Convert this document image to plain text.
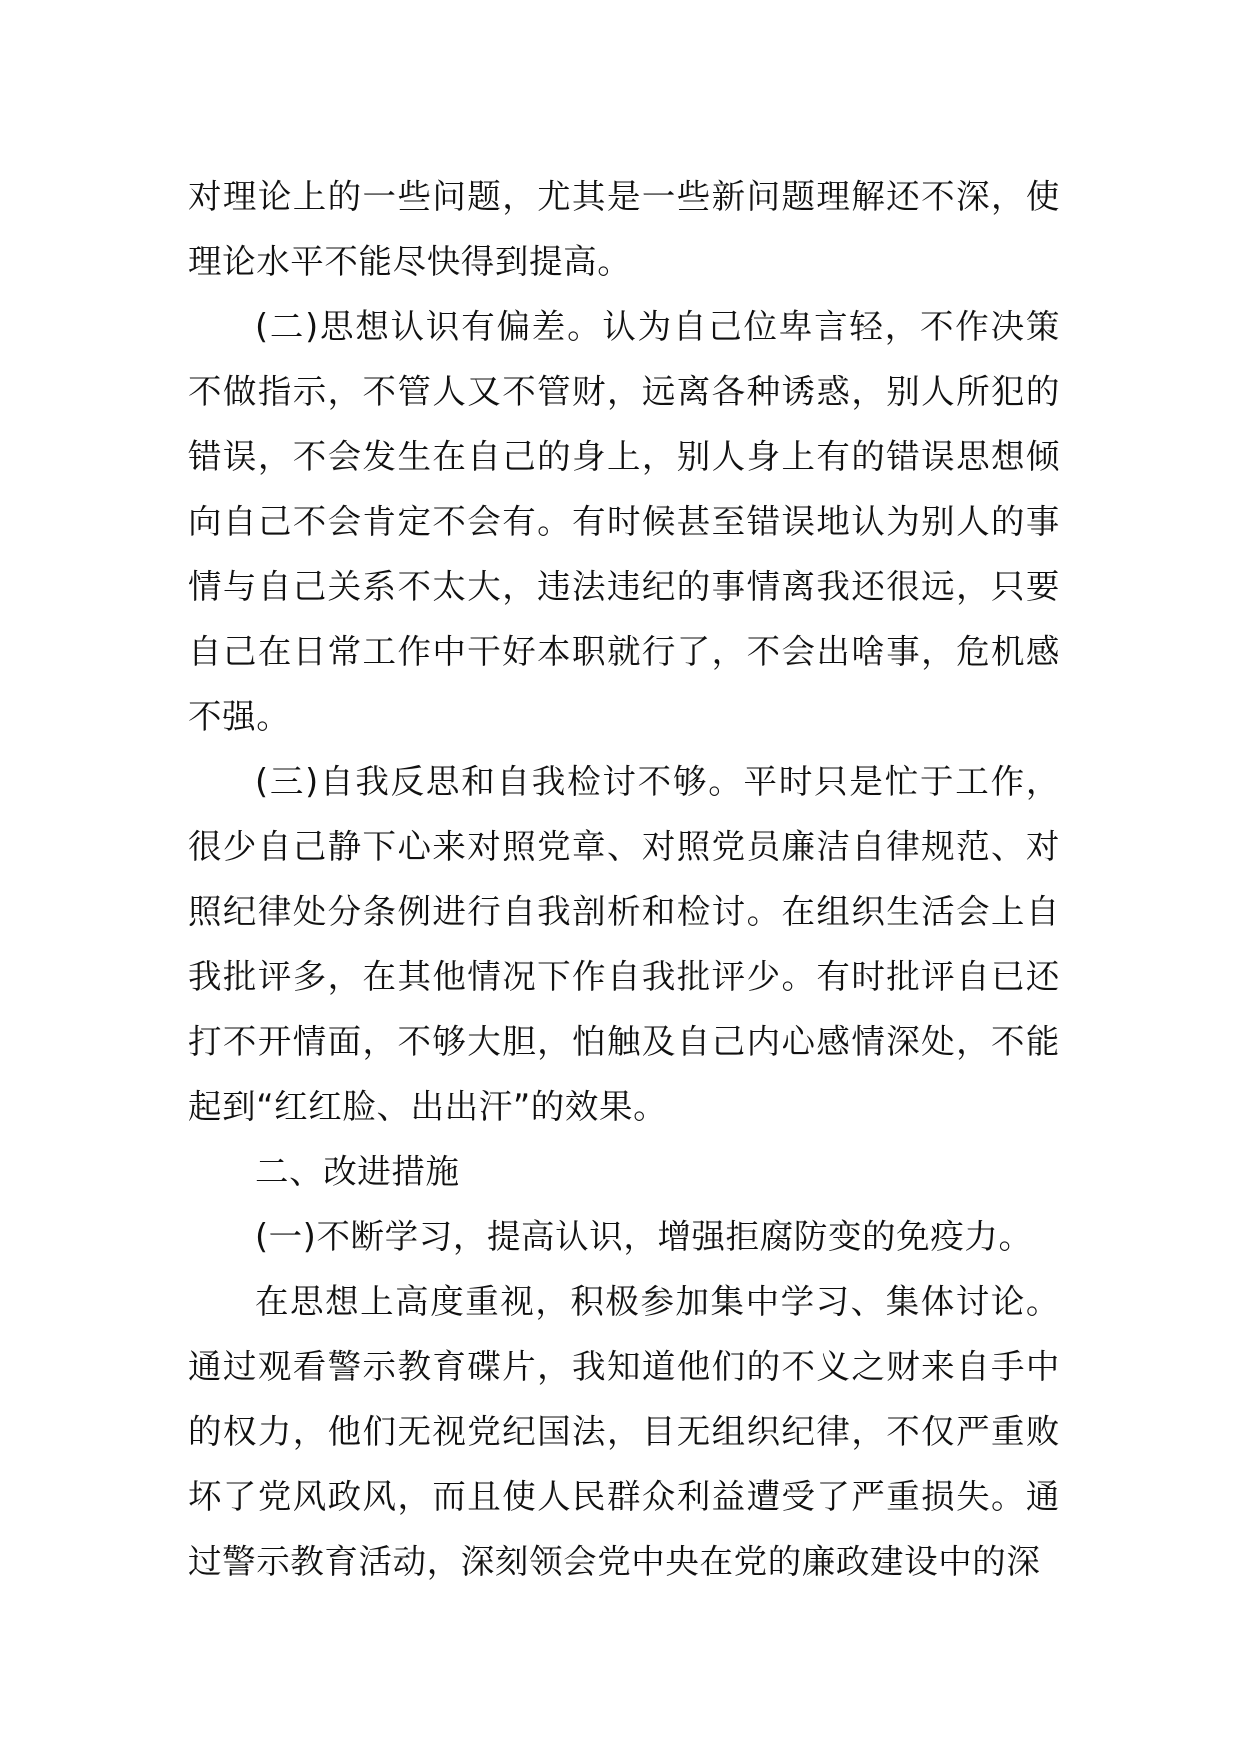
对理论上的一些问题，尤其是一些新问题理解还不深，使理论水平不能尽快得到提高。

(二)思想认识有偏差。认为自己位卑言轻，不作决策不做指示，不管人又不管财，远离各种诱惑，别人所犯的错误，不会发生在自己的身上，别人身上有的错误思想倾向自己不会肯定不会有。有时候甚至错误地认为别人的事情与自己关系不太大，违法违纪的事情离我还很远，只要自己在日常工作中干好本职就行了，不会出啥事，危机感不强。

(三)自我反思和自我检讨不够。平时只是忙于工作，很少自己静下心来对照党章、对照党员廉洁自律规范、对照纪律处分条例进行自我剖析和检讨。在组织生活会上自我批评多，在其他情况下作自我批评少。有时批评自已还打不开情面，不够大胆，怕触及自己内心感情深处，不能起到“红红脸、出出汗”的效果。

二、改进措施

(一)不断学习，提高认识，增强拒腐防变的免疫力。

在思想上高度重视，积极参加集中学习、集体讨论。通过观看警示教育碟片，我知道他们的不义之财来自手中的权力，他们无视党纪国法，目无组织纪律，不仅严重败坏了党风政风，而且使人民群众利益遭受了严重损失。通过警示教育活动，深刻领会党中央在党的廉政建设中的深
